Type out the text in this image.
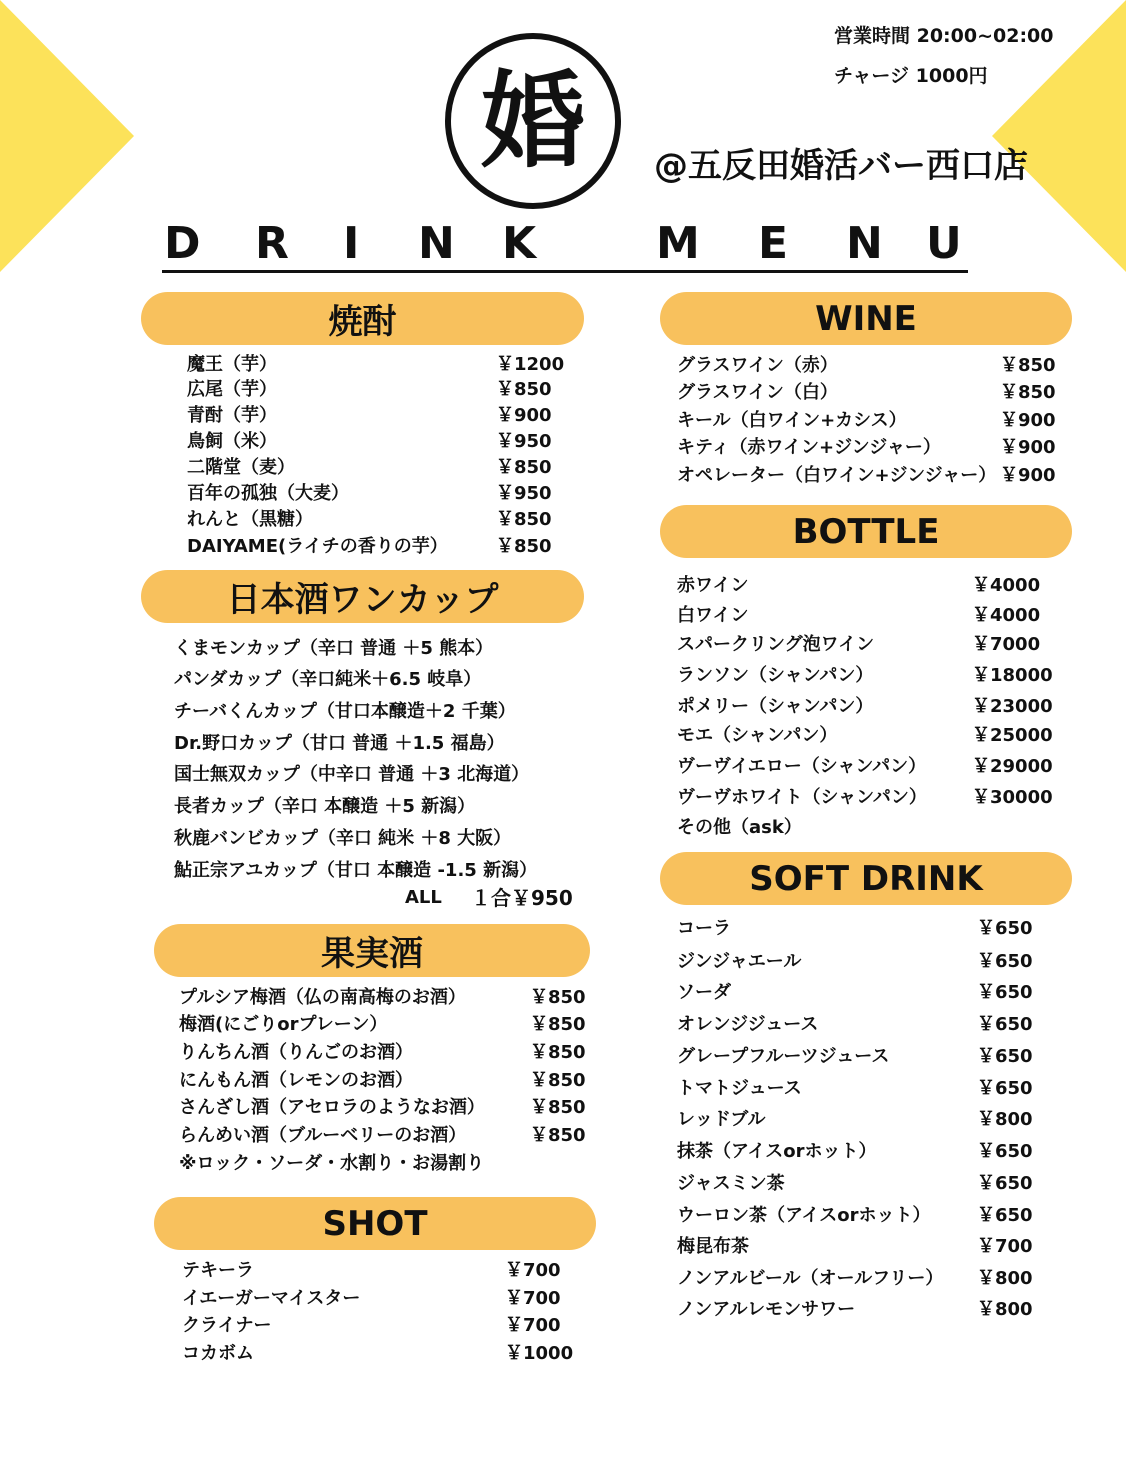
婚 @五反田婚活バー西口店
営業時間 20:00~02:00
チャージ 1000円
D R I N K	M E N U
焼酎
魔王（芋）	￥1200
広尾（芋）	￥850
青酎（芋）	￥900
鳥飼（米）	￥950
二階堂（麦）	￥850
百年の孤独（大麦）	￥950
れんと（黒糖）	￥850
DAIYAME(ライチの香りの芋）	￥850
日本酒ワンカップ
くまモンカップ（辛口 普通 ＋5 熊本）
パンダカップ（辛口純米＋6.5 岐阜）
チーバくんカップ（甘口本醸造＋2 千葉）
Dr.野口カップ（甘口 普通 ＋1.5 福島）
国士無双カップ（中辛口 普通 ＋3 北海道）
長者カップ（辛口 本醸造 ＋5 新潟）
秋鹿バンビカップ（辛口 純米 ＋8 大阪）
鮎正宗アユカップ（甘口 本醸造 -1.5 新潟）
ALL １合￥950
果実酒
プルシア梅酒（仏の南高梅のお酒）	￥850
梅酒(にごりorプレーン）	￥850
りんちん酒（りんごのお酒）	￥850
にんもん酒（レモンのお酒）	￥850
さんざし酒（アセロラのようなお酒）	￥850
らんめい酒（ブルーベリーのお酒）	￥850
※ロック・ソーダ・水割り・お湯割り
SHOT
テキーラ	￥700
イエーガーマイスター	￥700
クライナー	￥700
コカボム	￥1000
WINE
グラスワイン（赤）	￥850
グラスワイン（白）	￥850
キール（白ワイン+カシス）	￥900
キティ（赤ワイン+ジンジャー）	￥900
オペレーター（白ワイン+ジンジャー） ￥900
BOTTLE
赤ワイン	￥4000
白ワイン	￥4000
スパークリング泡ワイン	￥7000
ランソン（シャンパン）	￥18000
ポメリー（シャンパン）	￥23000
モエ（シャンパン）	￥25000
ヴーヴイエロー（シャンパン）	￥29000
ヴーヴホワイト（シャンパン）	￥30000
その他（ask）
SOFT DRINK
コーラ	￥650
ジンジャエール	￥650
ソーダ	￥650
オレンジジュース	￥650
グレープフルーツジュース	￥650
トマトジュース	￥650
レッドブル	￥800
抹茶（アイスorホット）	￥650
ジャスミン茶	￥650
ウーロン茶（アイスorホット）	￥650
梅昆布茶	￥700
ノンアルビール（オールフリー） ￥800
ノンアルレモンサワー	￥800
